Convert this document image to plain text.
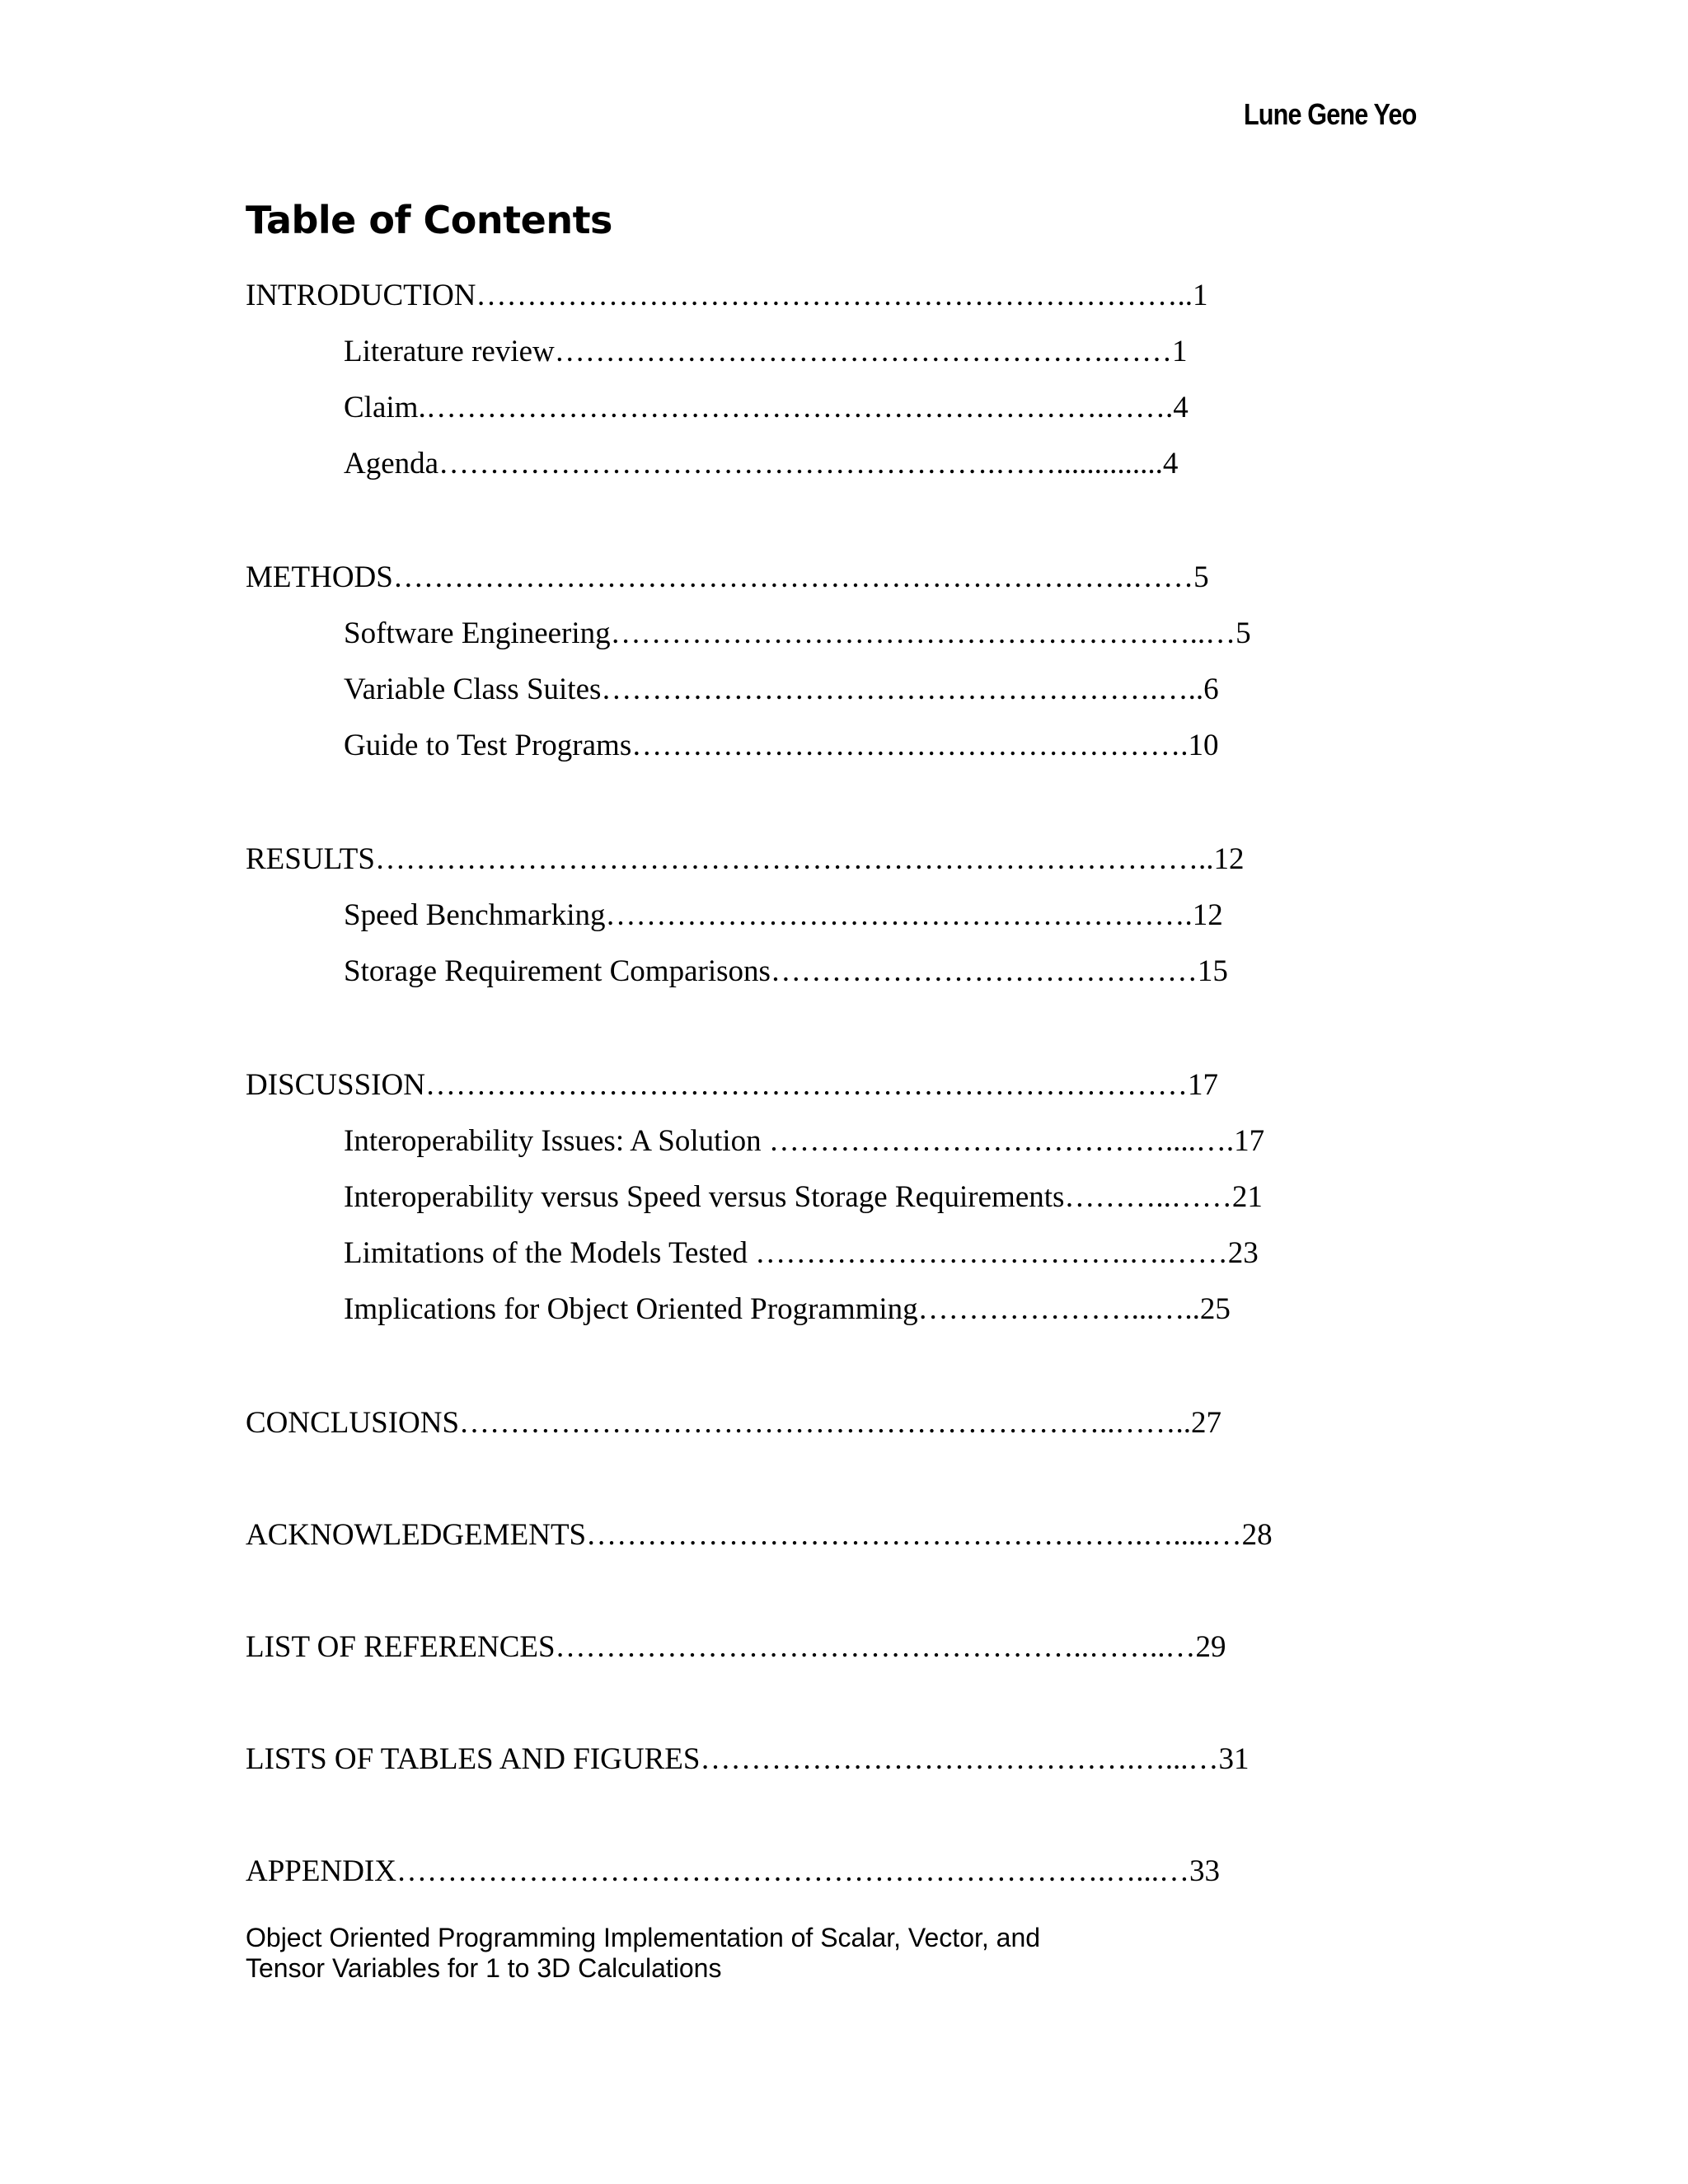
Lune Gene Yeo
Table of Contents
INTRODUCTION……………………………………………………………..1
Literature review……………………………………………….……1
Claim.………………………………………………………….…….4
Agenda……………………………………………….……..............4
METHODS……………………………………………………………….……5
Software Engineering…………………………………………………..…5
Variable Class Suites……………………………………………….…..6
Guide to Test Programs……………………………………………….10
RESULTS………………………………………………………………………..12
Speed Benchmarking………………………………………………….12
Storage Requirement Comparisons……………………………………15
DISCUSSION…………………………………………………………………17
Interoperability Issues: A Solution …………………………………....….17
Interoperability versus Speed versus Storage Requirements………..……21
Limitations of the Models Tested ……………………………….….……23
Implications for Object Oriented Programming…………………...…..25
CONCLUSIONS………………………………………………………..……..27
ACKNOWLEDGEMENTS……………………………………………….….....…28
LIST OF REFERENCES……………………………………………..……..…29
LISTS OF TABLES AND FIGURES…………………………………….…...…31
APPENDIX…………………………………………………………….…...…33
Object Oriented Programming Implementation of Scalar, Vector, and
Tensor Variables for 1 to 3D Calculations
